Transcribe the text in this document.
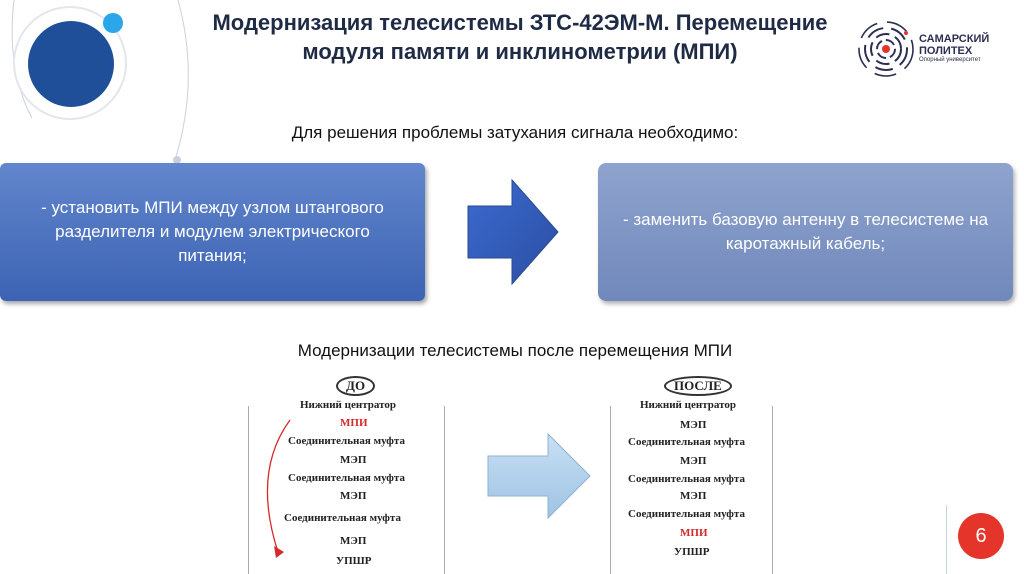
Модернизация телесистемы ЗТС-42ЭМ-М. Перемещение модуля памяти и инклинометрии (МПИ)	САМАРСКИЙ
ПОЛИТЕХ
Опорный университет
Для решения проблемы затухания сигнала необходимо:
- установить МПИ между узлом штангового разделителя и модулем электрического питания;
- заменить базовую антенну в телесистеме на каротажный кабель;
Модернизации телесистемы после перемещения МПИ
ДО
Нижний центратор
МПИ
Соединительная муфта
МЭП
Соединительная муфта
МЭП
Соединительная муфта
МЭП
УПШР
ПОСЛЕ
Нижний центратор
МЭП
Соединительная муфта
МЭП
Соединительная муфта
МЭП
Соединительная муфта
МПИ
УПШР
6
